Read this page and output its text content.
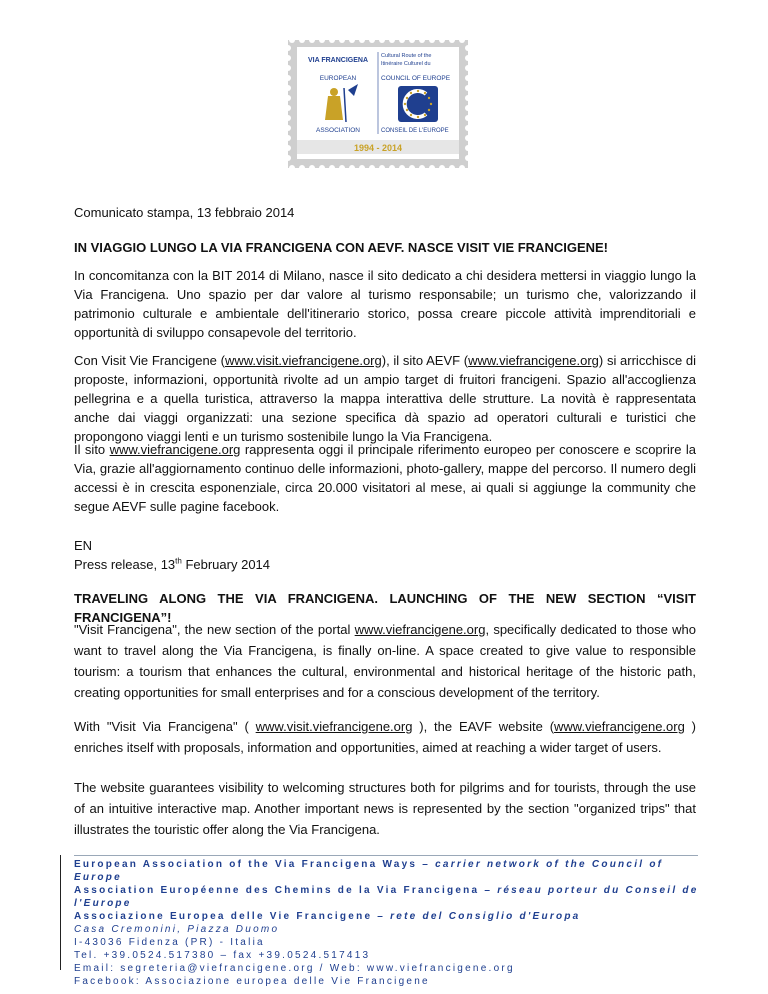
VIA FRANCIGENA
EUROPEAN
ASSOCIATION
Cultural Route of the
Itinéraire Culturel du
COUNCIL OF EUROPE
CONSEIL DE L'EUROPE
1994 - 2014

Comunicato stampa, 13 febbraio 2014

IN VIAGGIO LUNGO LA VIA FRANCIGENA CON AEVF. NASCE VISIT VIE FRANCIGENE!

In concomitanza con la BIT 2014 di Milano, nasce il sito dedicato a chi desidera mettersi in viaggio lungo la Via Francigena. Uno spazio per dar valore al turismo responsabile; un turismo che, valorizzando il patrimonio culturale e ambientale dell'itinerario storico, possa creare piccole attività imprenditoriali e opportunità di sviluppo consapevole del territorio.

Con Visit Vie Francigene (www.visit.viefrancigene.org), il sito AEVF (www.viefrancigene.org) si arricchisce di proposte, informazioni, opportunità rivolte ad un ampio target di fruitori francigeni. Spazio all'accoglienza pellegrina e a quella turistica, attraverso la mappa interattiva delle strutture. La novità è rappresentata anche dai viaggi organizzati: una sezione specifica dà spazio ad operatori culturali e turistici che propongono viaggi lenti e un turismo sostenibile lungo la Via Francigena.

Il sito www.viefrancigene.org rappresenta oggi il principale riferimento europeo per conoscere e scoprire la Via, grazie all'aggiornamento continuo delle informazioni, photo-gallery, mappe del percorso. Il numero degli accessi è in crescita esponenziale, circa 20.000 visitatori al mese, ai quali si aggiunge la community che segue AEVF sulle pagine facebook.

EN

Press release, 13th February 2014

TRAVELING ALONG THE VIA FRANCIGENA. LAUNCHING OF THE NEW SECTION “VISIT FRANCIGENA”!

"Visit Francigena", the new section of the portal www.viefrancigene.org, specifically dedicated to those who want to travel along the Via Francigena, is finally on-line. A space created to give value to responsible tourism: a tourism that enhances the cultural, environmental and historical heritage of the historic path, creating opportunities for small enterprises and for a conscious development of the territory.

With "Visit Via Francigena" ( www.visit.viefrancigene.org ), the EAVF website (www.viefrancigene.org ) enriches itself with proposals, information and opportunities, aimed at reaching a wider target of users.

The website guarantees visibility to welcoming structures both for pilgrims and for tourists, through the use of an intuitive interactive map. Another important news is represented by the section "organized trips" that illustrates the touristic offer along the Via Francigena.

European Association of the Via Francigena Ways – carrier network of the Council of
Europe
Association Européenne des Chemins de la Via Francigena – réseau porteur du Conseil de
l'Europe
Associazione Europea delle Vie Francigene – rete del Consiglio d'Europa
Casa Cremonini, Piazza Duomo
I-43036 Fidenza (PR) - Italia
Tel. +39.0524.517380 – fax +39.0524.517413
Email: segreteria@viefrancigene.org / Web: www.viefrancigene.org
Facebook: Associazione europea delle Vie Francigene
